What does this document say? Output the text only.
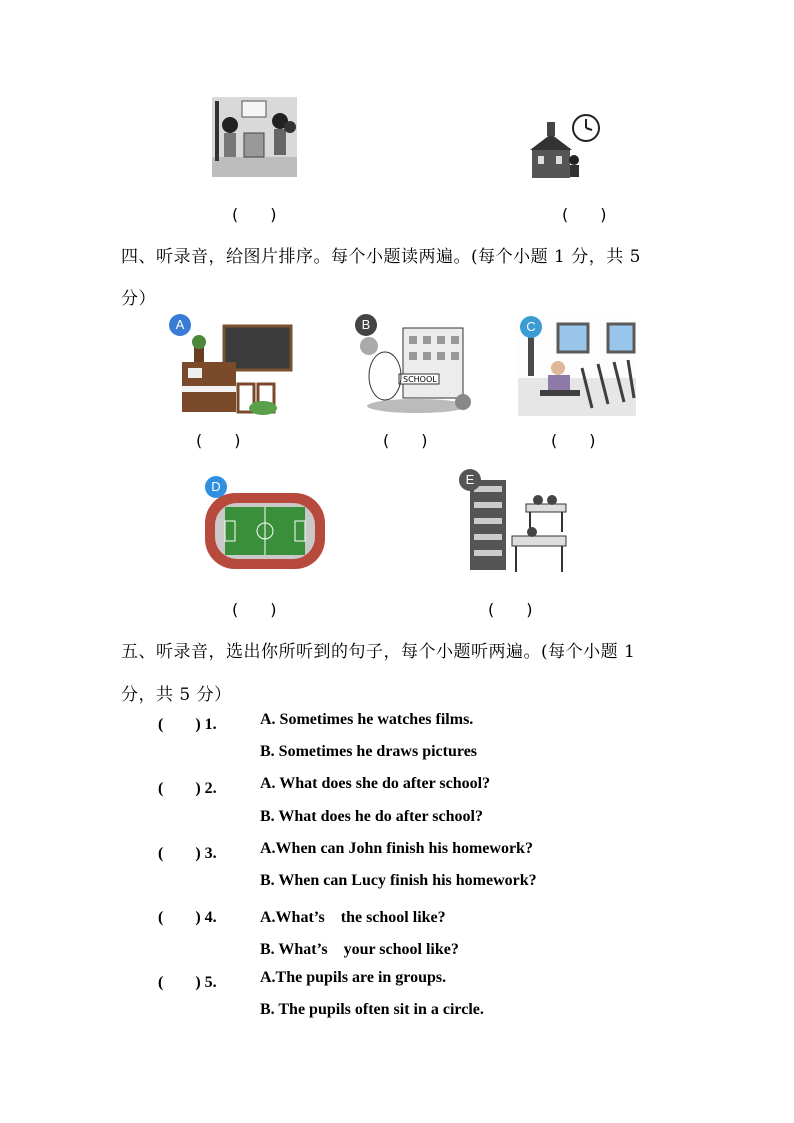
(　　)	(　　)
四、听录音，给图片排序。每个小题读两遍。(每个小题 1 分，共 5
分）
A
SCHOOL
B	C
(　　)	(　　)	(　　)
D	E
(　　)	(　　)
五、听录音，选出你所听到的句子，每个小题听两遍。(每个小题 1
分，共 5 分）
(　　) 1.	A. Sometimes he watches films.
B. Sometimes he draws pictures
(　　) 2.	A. What does she do after school?
B. What does he do after school?
(　　) 3.	A.When can John finish his homework?
B. When can Lucy finish his homework?
(　　) 4.	A.What’s　the school like?
B. What’s　your school like?
(　　) 5.	A.The pupils are in groups.
B. The pupils often sit in a circle.
